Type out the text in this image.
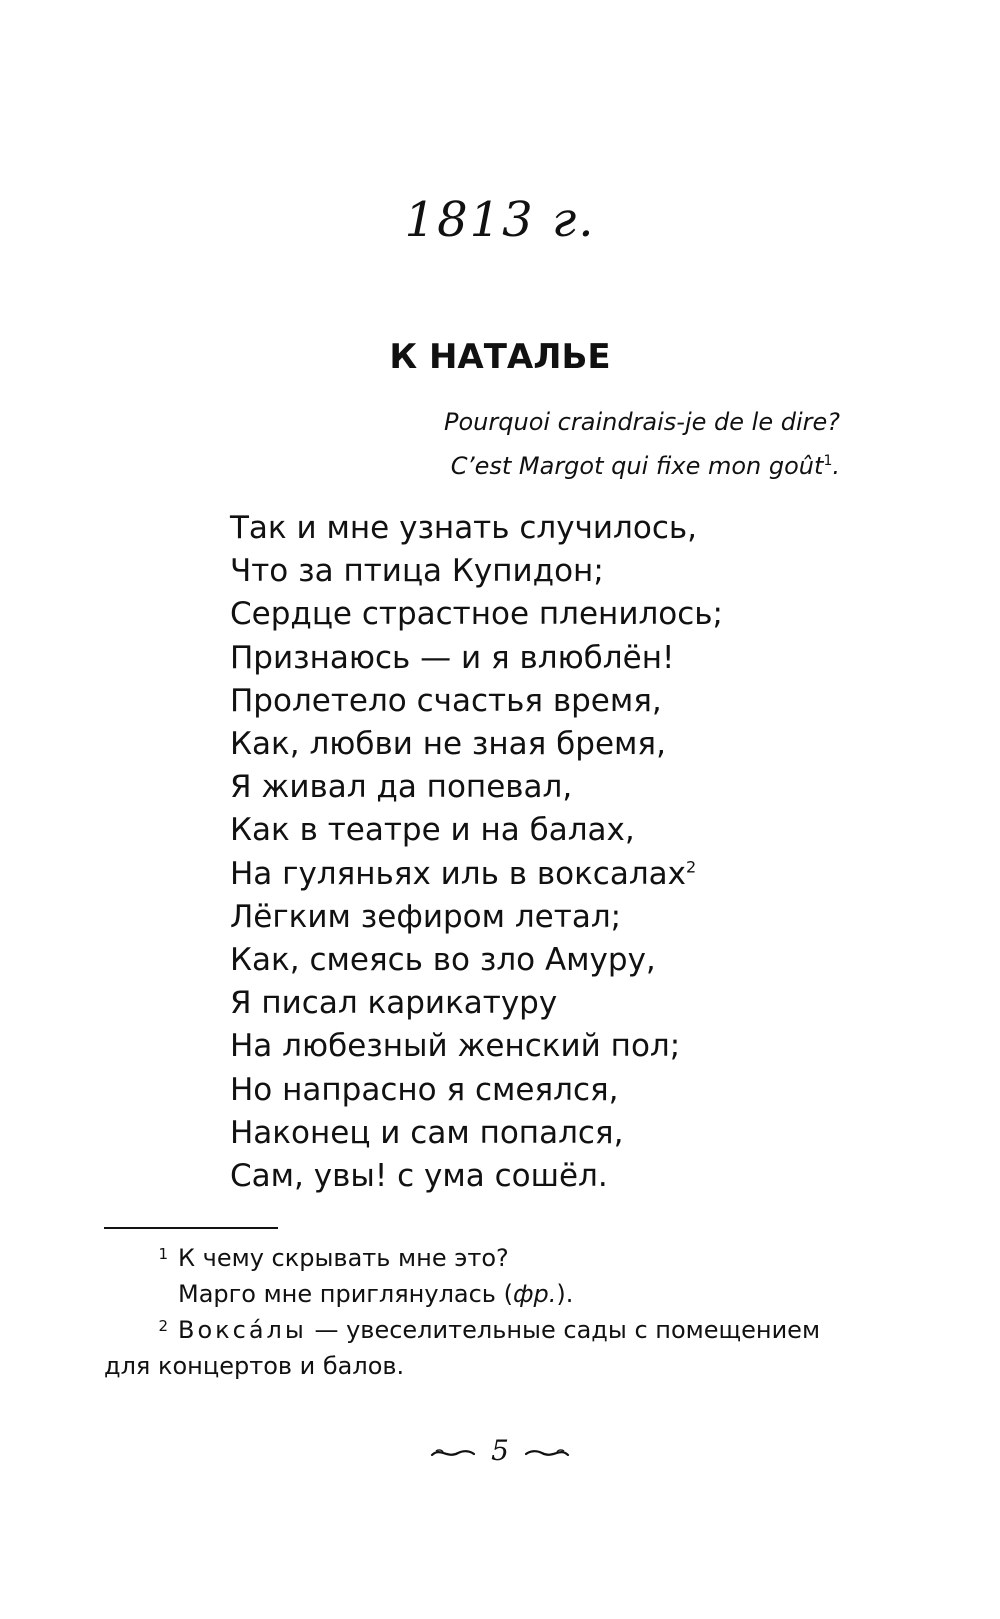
1813 г.
К НАТАЛЬЕ
Pourquoi craindrais-je de le dire?
C’est Margot qui fixe mon goût$^1$.
Так и мне узнать случилось,
Что за птица Купидон;
Сердце страстное пленилось;
Признаюсь — и я влюблён!
Пролетело счастья время,
Как, любви не зная бремя,
Я живал да попевал,
Как в театре и на балах,
На гуляньях иль в воксалах$^2$
Лёгким зефиром летал;
Как, смеясь во зло Амуру,
Я писал карикатуру
На любезный женский пол;
Но напрасно я смеялся,
Наконец и сам попался,
Сам, увы! с ума сошёл.
1 К чему скрывать мне это?
Марго мне приглянулась (фр.).
2 Воксáлы — увеселительные сады с помещением
для концертов и балов.
5
